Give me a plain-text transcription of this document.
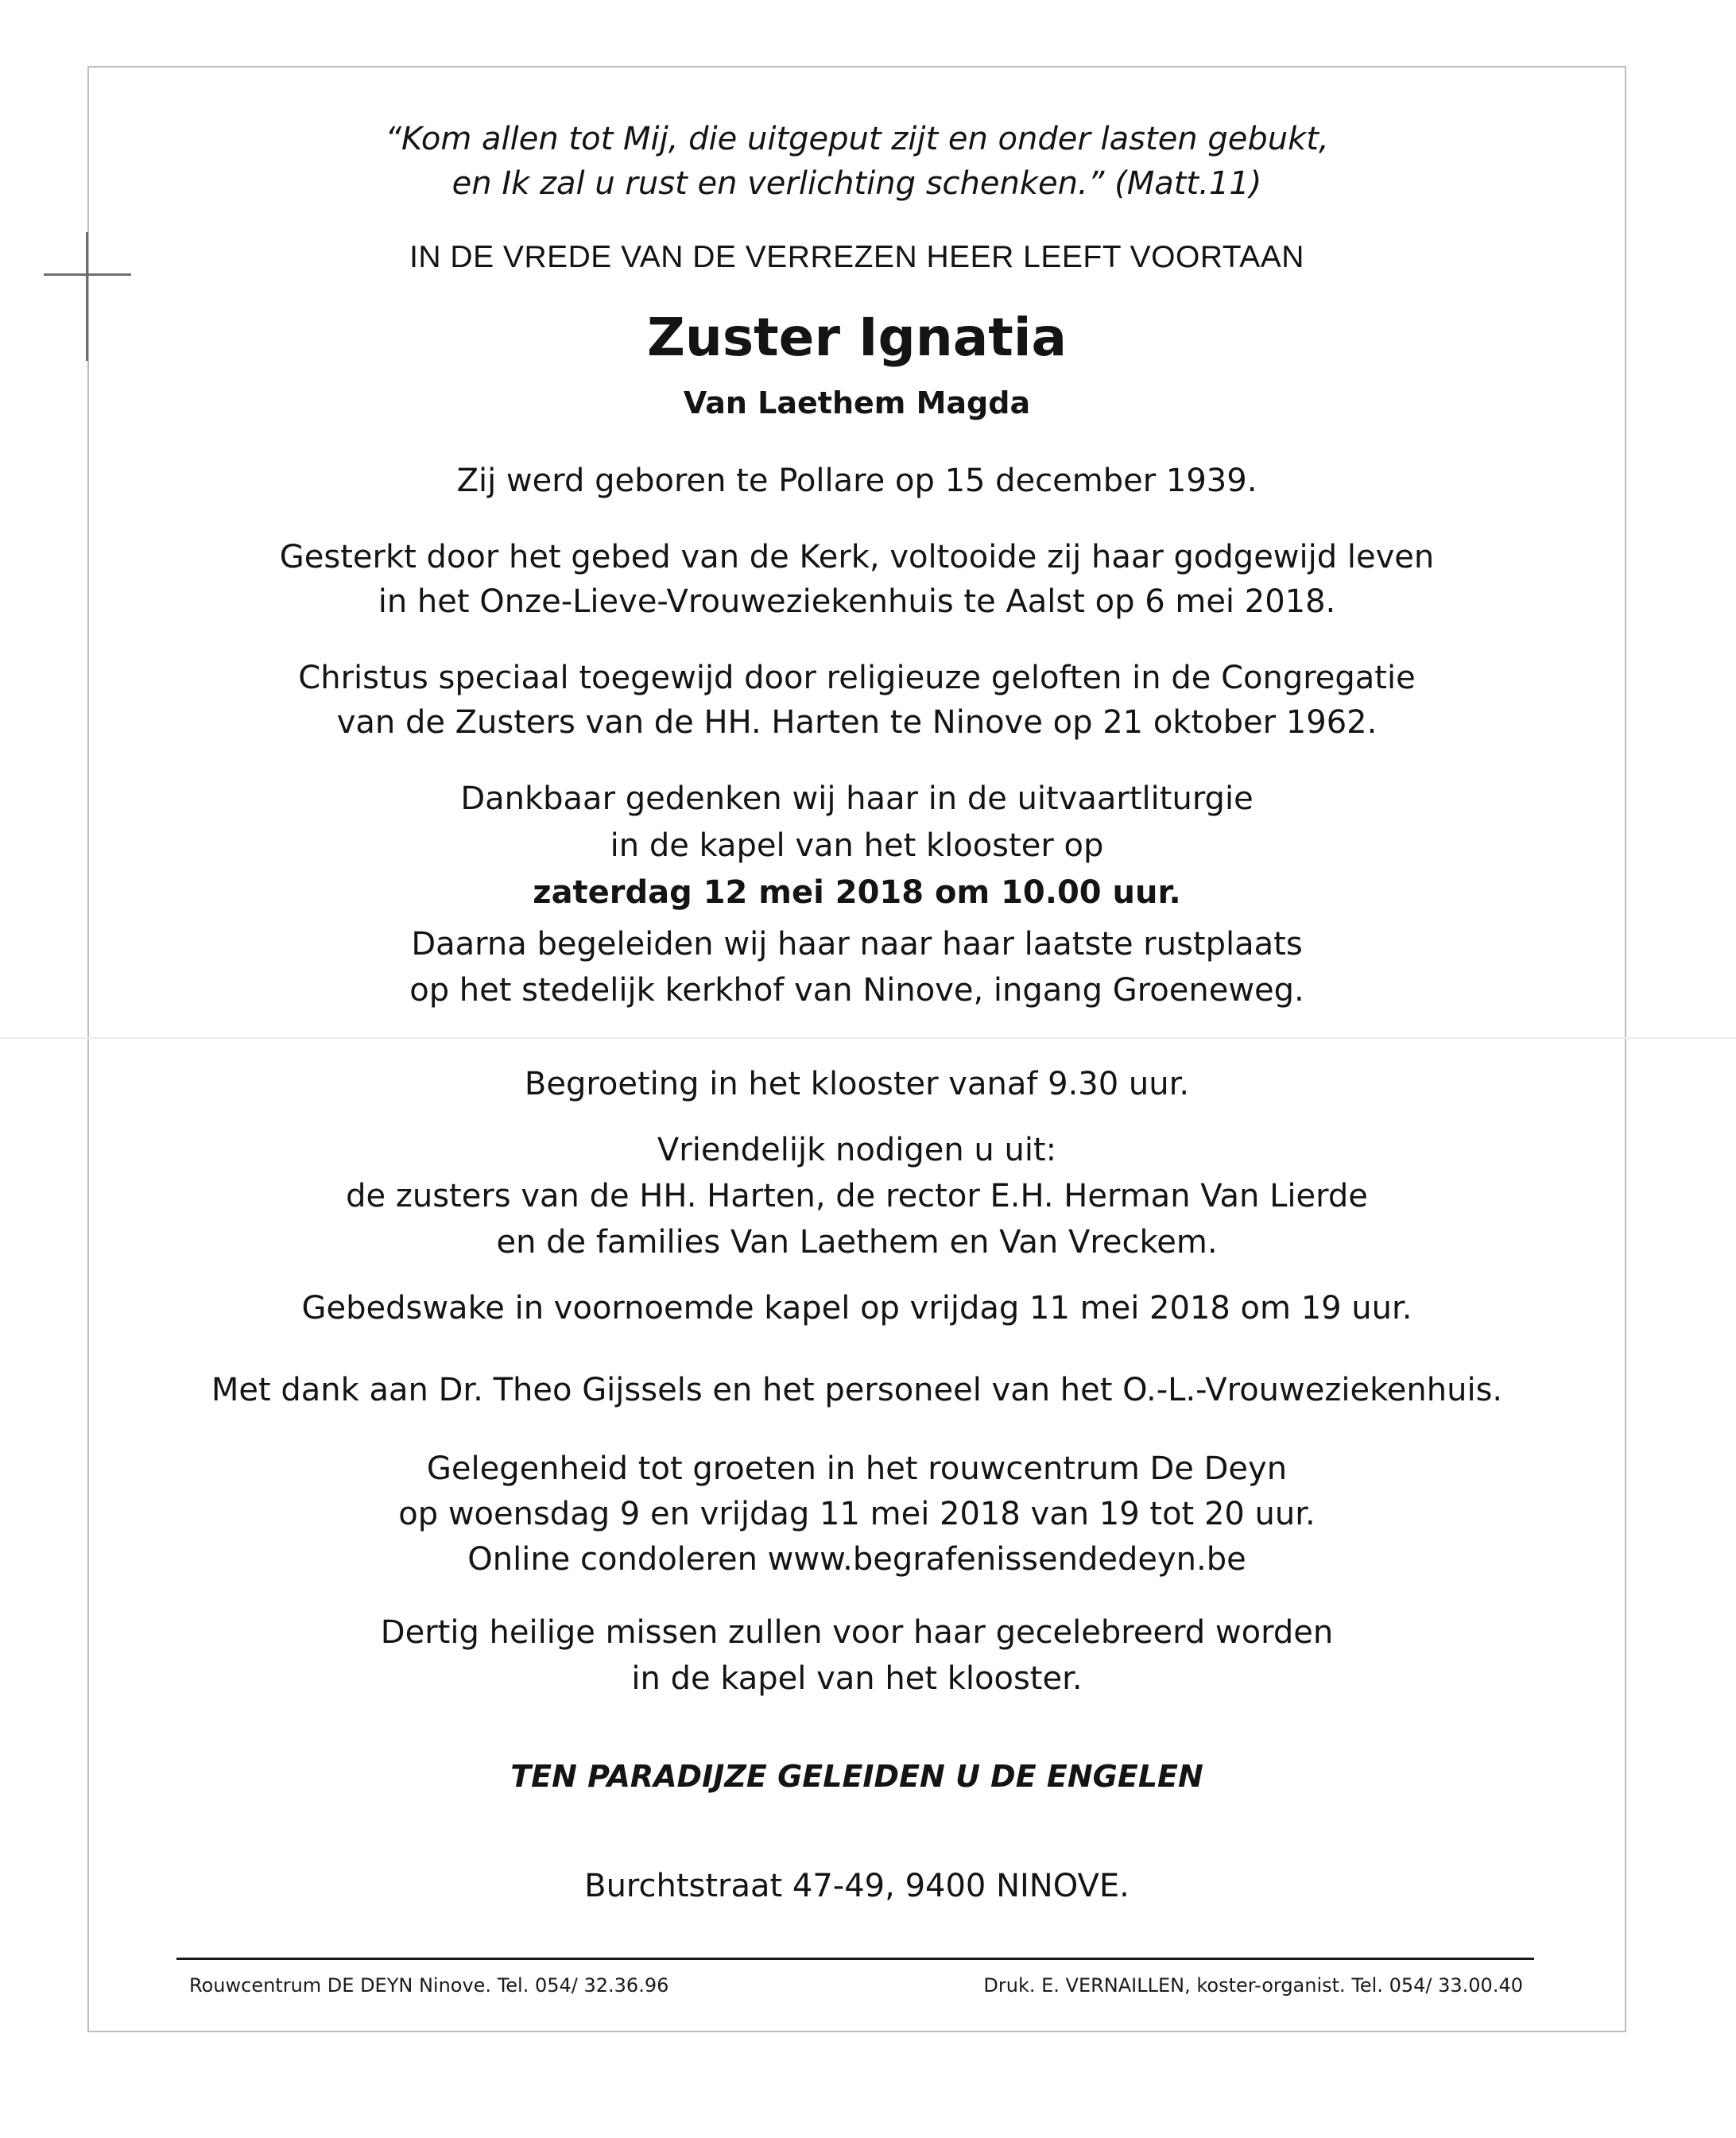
“Kom allen tot Mij, die uitgeput zijt en onder lasten gebukt,
en Ik zal u rust en verlichting schenken.” (Matt.11)
IN DE VREDE VAN DE VERREZEN HEER LEEFT VOORTAAN
Zuster Ignatia
Van Laethem Magda
Zij werd geboren te Pollare op 15 december 1939.
Gesterkt door het gebed van de Kerk, voltooide zij haar godgewijd leven
in het Onze-Lieve-Vrouweziekenhuis te Aalst op 6 mei 2018.
Christus speciaal toegewijd door religieuze geloften in de Congregatie
van de Zusters van de HH. Harten te Ninove op 21 oktober 1962.
Dankbaar gedenken wij haar in de uitvaartliturgie
in de kapel van het klooster op
zaterdag 12 mei 2018 om 10.00 uur.
Daarna begeleiden wij haar naar haar laatste rustplaats
op het stedelijk kerkhof van Ninove, ingang Groeneweg.
Begroeting in het klooster vanaf 9.30 uur.
Vriendelijk nodigen u uit:
de zusters van de HH. Harten, de rector E.H. Herman Van Lierde
en de families Van Laethem en Van Vreckem.
Gebedswake in voornoemde kapel op vrijdag 11 mei 2018 om 19 uur.
Met dank aan Dr. Theo Gijssels en het personeel van het O.-L.-Vrouweziekenhuis.
Gelegenheid tot groeten in het rouwcentrum De Deyn
op woensdag 9 en vrijdag 11 mei 2018 van 19 tot 20 uur.
Online condoleren www.begrafenissendedeyn.be
Dertig heilige missen zullen voor haar gecelebreerd worden
in de kapel van het klooster.
TEN PARADIJZE GELEIDEN U DE ENGELEN
Burchtstraat 47-49, 9400 NINOVE.
Rouwcentrum DE DEYN Ninove. Tel. 054/ 32.36.96	Druk. E. VERNAILLEN, koster-organist. Tel. 054/ 33.00.40
